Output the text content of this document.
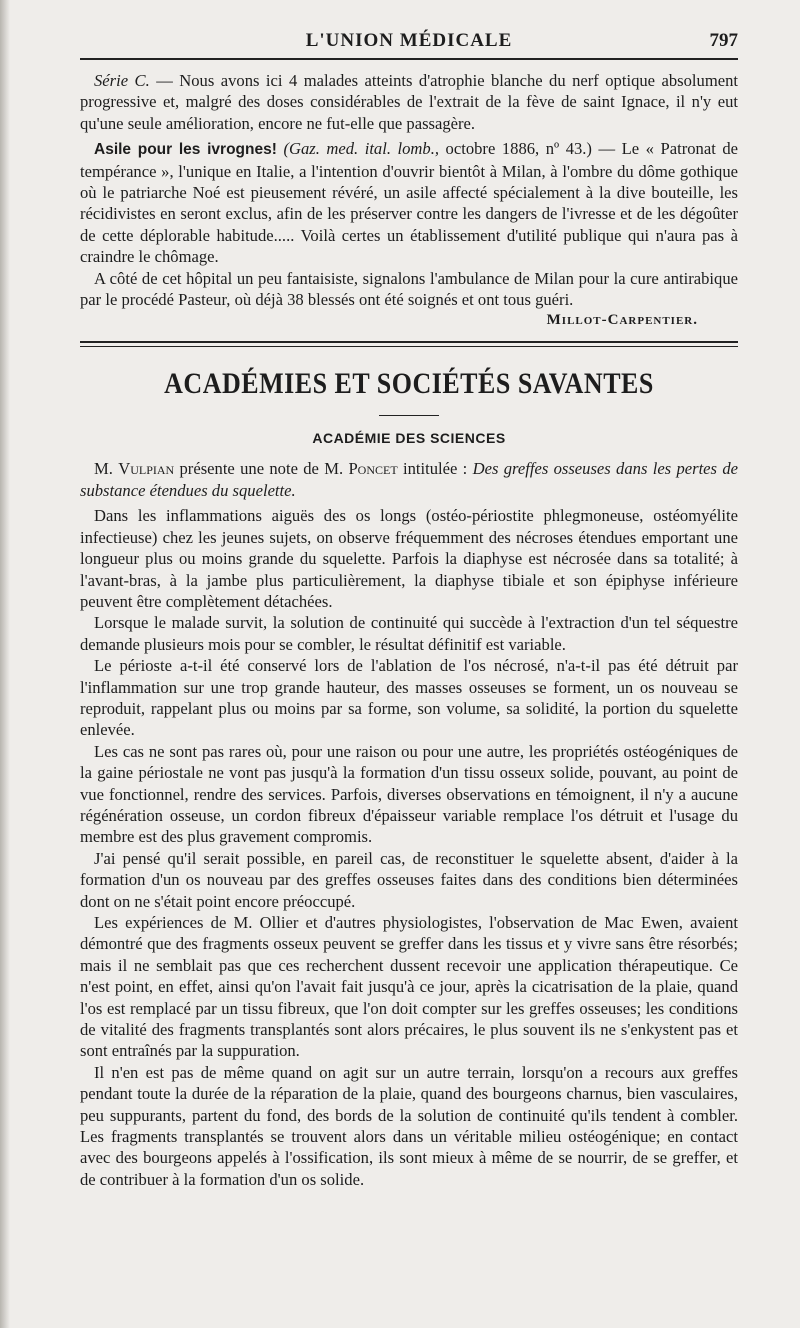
L'UNION MÉDICALE	797

Série C. — Nous avons ici 4 malades atteints d'atrophie blanche du nerf optique absolument progressive et, malgré des doses considérables de l'extrait de la fève de saint Ignace, il n'y eut qu'une seule amélioration, encore ne fut-elle que passagère.

Asile pour les ivrognes! (Gaz. med. ital. lomb., octobre 1886, nº 43.) — Le « Patronat de tempérance », l'unique en Italie, a l'intention d'ouvrir bientôt à Milan, à l'ombre du dôme gothique où le patriarche Noé est pieusement révéré, un asile affecté spécialement à la dive bouteille, les récidivistes en seront exclus, afin de les préserver contre les dangers de l'ivresse et de les dégoûter de cette déplorable habitude..... Voilà certes un établissement d'utilité publique qui n'aura pas à craindre le chômage.

A côté de cet hôpital un peu fantaisiste, signalons l'ambulance de Milan pour la cure antirabique par le procédé Pasteur, où déjà 38 blessés ont été soignés et ont tous guéri.

Millot-Carpentier.
ACADÉMIES ET SOCIÉTÉS SAVANTES
ACADÉMIE DES SCIENCES

M. Vulpian présente une note de M. Poncet intitulée : Des greffes osseuses dans les pertes de substance étendues du squelette.

Dans les inflammations aiguës des os longs (ostéo-périostite phlegmoneuse, ostéomyélite infectieuse) chez les jeunes sujets, on observe fréquemment des nécroses étendues emportant une longueur plus ou moins grande du squelette. Parfois la diaphyse est nécrosée dans sa totalité; à l'avant-bras, à la jambe plus particulièrement, la diaphyse tibiale et son épiphyse inférieure peuvent être complètement détachées.

Lorsque le malade survit, la solution de continuité qui succède à l'extraction d'un tel séquestre demande plusieurs mois pour se combler, le résultat définitif est variable.

Le périoste a-t-il été conservé lors de l'ablation de l'os nécrosé, n'a-t-il pas été détruit par l'inflammation sur une trop grande hauteur, des masses osseuses se forment, un os nouveau se reproduit, rappelant plus ou moins par sa forme, son volume, sa solidité, la portion du squelette enlevée.

Les cas ne sont pas rares où, pour une raison ou pour une autre, les propriétés ostéogéniques de la gaine périostale ne vont pas jusqu'à la formation d'un tissu osseux solide, pouvant, au point de vue fonctionnel, rendre des services. Parfois, diverses observations en témoignent, il n'y a aucune régénération osseuse, un cordon fibreux d'épaisseur variable remplace l'os détruit et l'usage du membre est des plus gravement compromis.

J'ai pensé qu'il serait possible, en pareil cas, de reconstituer le squelette absent, d'aider à la formation d'un os nouveau par des greffes osseuses faites dans des conditions bien déterminées dont on ne s'était point encore préoccupé.

Les expériences de M. Ollier et d'autres physiologistes, l'observation de Mac Ewen, avaient démontré que des fragments osseux peuvent se greffer dans les tissus et y vivre sans être résorbés; mais il ne semblait pas que ces recherchent dussent recevoir une application thérapeutique. Ce n'est point, en effet, ainsi qu'on l'avait fait jusqu'à ce jour, après la cicatrisation de la plaie, quand l'os est remplacé par un tissu fibreux, que l'on doit compter sur les greffes osseuses; les conditions de vitalité des fragments transplantés sont alors précaires, le plus souvent ils ne s'enkystent pas et sont entraînés par la suppuration.

Il n'en est pas de même quand on agit sur un autre terrain, lorsqu'on a recours aux greffes pendant toute la durée de la réparation de la plaie, quand des bourgeons charnus, bien vasculaires, peu suppurants, partent du fond, des bords de la solution de continuité qu'ils tendent à combler. Les fragments transplantés se trouvent alors dans un véritable milieu ostéogénique; en contact avec des bourgeons appelés à l'ossification, ils sont mieux à même de se nourrir, de se greffer, et de contribuer à la formation d'un os solide.
